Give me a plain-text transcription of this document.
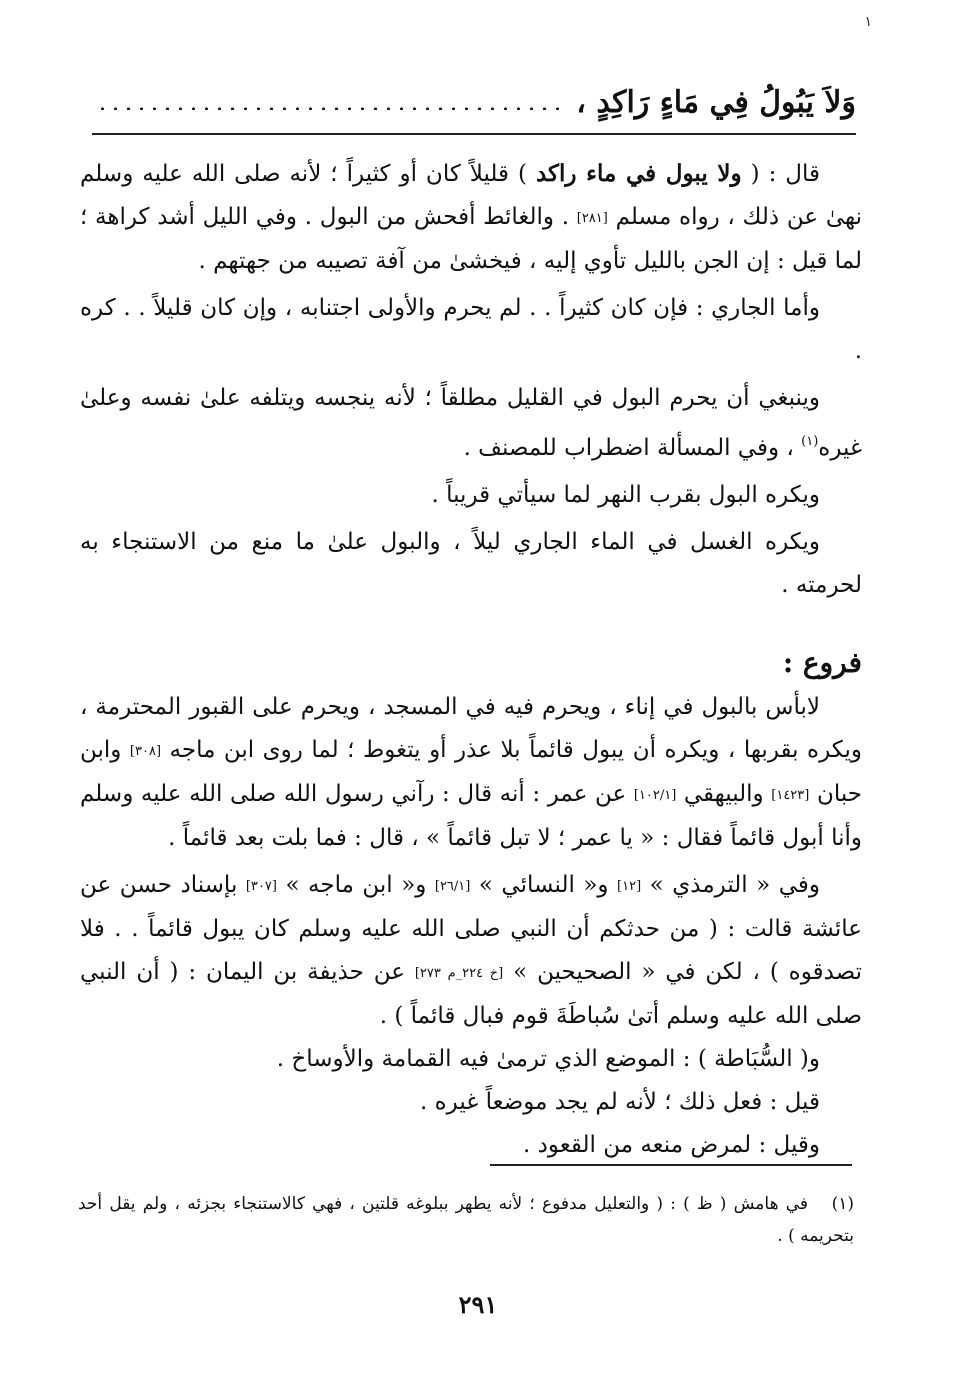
١
وَلاَ يَبُولُ فِي مَاءٍ رَاكِدٍ ،

قال : ( ولا يبول في ماء راكد ) قليلاً كان أو كثيراً ؛ لأنه صلى الله عليه وسلم نهىٰ عن ذلك ، رواه مسلم [٢٨١] . والغائط أفحش من البول . وفي الليل أشد كراهة ؛ لما قيل : إن الجن بالليل تأوي إليه ، فيخشىٰ من آفة تصيبه من جهتهم .

وأما الجاري : فإن كان كثيراً . . لم يحرم والأولى اجتنابه ، وإن كان قليلاً . . كره .

وينبغي أن يحرم البول في القليل مطلقاً ؛ لأنه ينجسه ويتلفه علىٰ نفسه وعلىٰ غيره$^{(١)}$ ، وفي المسألة اضطراب للمصنف .

ويكره البول بقرب النهر لما سيأتي قريباً .

ويكره الغسل في الماء الجاري ليلاً ، والبول علىٰ ما منع من الاستنجاء به لحرمته .

فروع :

لابأس بالبول في إناء ، ويحرم فيه في المسجد ، ويحرم على القبور المحترمة ، ويكره بقربها ، ويكره أن يبول قائماً بلا عذر أو يتغوط ؛ لما روى ابن ماجه [٣٠٨] وابن حبان [١٤٢٣] والبيهقي [١٠٢/١] عن عمر : أنه قال : رآني رسول الله صلى الله عليه وسلم وأنا أبول قائماً فقال : « يا عمر ؛ لا تبل قائماً » ، قال : فما بلت بعد قائماً .

وفي « الترمذي » [١٢] و« النسائي » [٢٦/١] و« ابن ماجه » [٣٠٧] بإسناد حسن عن عائشة قالت : ( من حدثكم أن النبي صلى الله عليه وسلم كان يبول قائماً . . فلا تصدقوه ) ، لكن في « الصحيحين » [خ ٢٢٤_م ٢٧٣] عن حذيفة بن اليمان : ( أن النبي صلى الله عليه وسلم أتىٰ سُباطَةَ قوم فبال قائماً ) .

و( السُّبَاطة ) : الموضع الذي ترمىٰ فيه القمامة والأوساخ .

قيل : فعل ذلك ؛ لأنه لم يجد موضعاً غيره .

وقيل : لمرض منعه من القعود .

(١)في هامش ( ظ ) : ( والتعليل مدفوع ؛ لأنه يطهر ببلوغه قلتين ، فهي كالاستنجاء بجزئه ، ولم يقل أحد بتحريمه ) .
٢٩١
